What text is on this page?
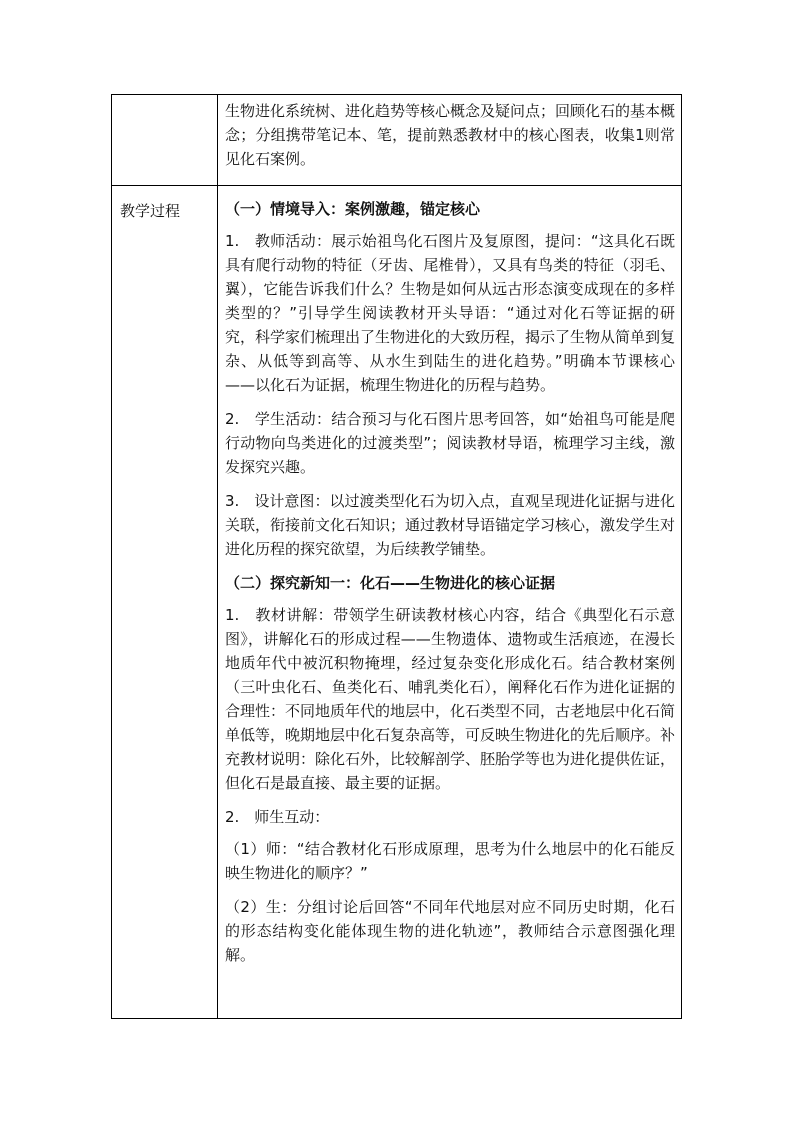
生物进化系统树、进化趋势等核心概念及疑问点；回顾化石的基本概念；分组携带笔记本、笔，提前熟悉教材中的核心图表，收集1则常见化石案例。

教学过程	（一）情境导入：案例激趣，锚定核心

1.　教师活动：展示始祖鸟化石图片及复原图，提问：“这具化石既具有爬行动物的特征（牙齿、尾椎骨），又具有鸟类的特征（羽毛、翼），它能告诉我们什么？生物是如何从远古形态演变成现在的多样类型的？”引导学生阅读教材开头导语：“通过对化石等证据的研究，科学家们梳理出了生物进化的大致历程，揭示了生物从简单到复杂、从低等到高等、从水生到陆生的进化趋势。”明确本节课核心——以化石为证据，梳理生物进化的历程与趋势。

2.　学生活动：结合预习与化石图片思考回答，如“始祖鸟可能是爬行动物向鸟类进化的过渡类型”；阅读教材导语，梳理学习主线，激发探究兴趣。

3.　设计意图：以过渡类型化石为切入点，直观呈现进化证据与进化关联，衔接前文化石知识；通过教材导语锚定学习核心，激发学生对进化历程的探究欲望，为后续教学铺垫。

（二）探究新知一：化石——生物进化的核心证据

1.　教材讲解：带领学生研读教材核心内容，结合《典型化石示意图》，讲解化石的形成过程——生物遗体、遗物或生活痕迹，在漫长地质年代中被沉积物掩埋，经过复杂变化形成化石。结合教材案例（三叶虫化石、鱼类化石、哺乳类化石），阐释化石作为进化证据的合理性：不同地质年代的地层中，化石类型不同，古老地层中化石简单低等，晚期地层中化石复杂高等，可反映生物进化的先后顺序。补充教材说明：除化石外，比较解剖学、胚胎学等也为进化提供佐证，但化石是最直接、最主要的证据。

2.　师生互动：

（1）师：“结合教材化石形成原理，思考为什么地层中的化石能反映生物进化的顺序？”

（2）生：分组讨论后回答“不同年代地层对应不同历史时期，化石的形态结构变化能体现生物的进化轨迹”，教师结合示意图强化理解。
